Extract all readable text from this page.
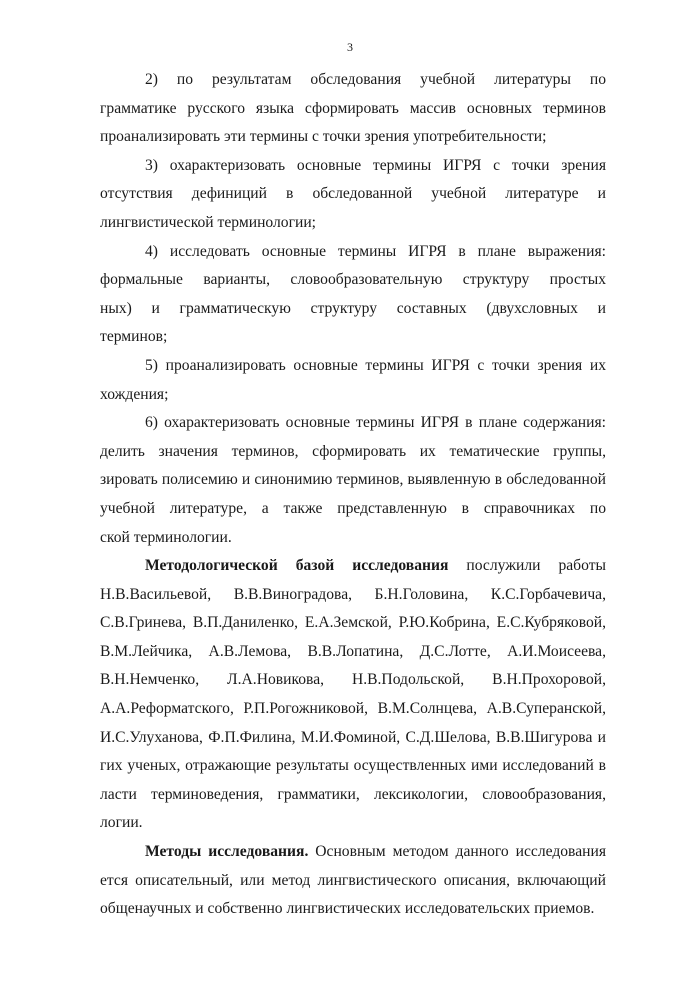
3
2) по результатам обследования учебной литературы по
грамматике русского языка сформировать массив основных терминов
проанализировать эти термины с точки зрения употребительности;
3) охарактеризовать основные термины ИГРЯ с точки зрения
отсутствия дефиниций в обследованной учебной литературе и
лингвистической терминологии;
4) исследовать основные термины ИГРЯ в плане выражения:
формальные варианты, словообразовательную структуру простых
ных) и грамматическую структуру составных (двухсловных и
терминов;
5) проанализировать основные термины ИГРЯ с точки зрения их
хождения;
6) охарактеризовать основные термины ИГРЯ в плане содержания:
делить значения терминов, сформировать их тематические группы,
зировать полисемию и синонимию терминов, выявленную в обследованной
учебной литературе, а также представленную в справочниках по
ской терминологии.
Методологической базой исследования послужили работы
Н.В.Васильевой, В.В.Виноградова, Б.Н.Головина, К.С.Горбачевича,
С.В.Гринева, В.П.Даниленко, Е.А.Земской, Р.Ю.Кобрина, Е.С.Кубряковой,
В.М.Лейчика, А.В.Лемова, В.В.Лопатина, Д.С.Лотте, А.И.Моисеева,
В.Н.Немченко, Л.А.Новикова, Н.В.Подольской, В.Н.Прохоровой,
А.А.Реформатского, Р.П.Рогожниковой, В.М.Солнцева, А.В.Суперанской,
И.С.Улуханова, Ф.П.Филина, М.И.Фоминой, С.Д.Шелова, В.В.Шигурова и
гих ученых, отражающие результаты осуществленных ими исследований в
ласти терминоведения, грамматики, лексикологии, словообразования,
логии.
Методы исследования. Основным методом данного исследования
ется описательный, или метод лингвистического описания, включающий
общенаучных и собственно лингвистических исследовательских приемов.
